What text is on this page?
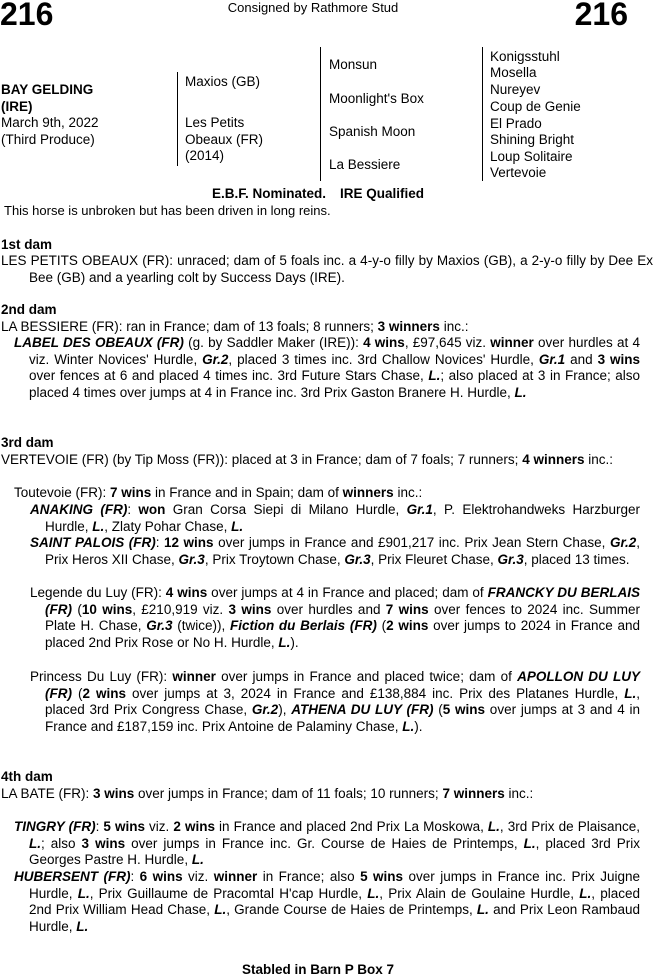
216	Consigned by Rathmore Stud	216
BAY GELDING
(IRE)
March 9th, 2022
(Third Produce)
Maxios (GB)
Les Petits
Obeaux (FR)
(2014)
Monsun
Moonlight's Box
Spanish Moon
La Bessiere
Konigsstuhl
Mosella
Nureyev
Coup de Genie
El Prado
Shining Bright
Loup Solitaire
Vertevoie
E.B.F. Nominated. IRE Qualified
This horse is unbroken but has been driven in long reins.
1st dam
LES PETITS OBEAUX (FR): unraced; dam of 5 foals inc. a 4-y-o filly by Maxios (GB), a 2-y-o filly by Dee Ex Bee (GB) and a yearling colt by Success Days (IRE).
2nd dam
LA BESSIERE (FR): ran in France; dam of 13 foals; 8 runners; 3 winners inc.:
LABEL DES OBEAUX (FR) (g. by Saddler Maker (IRE)): 4 wins, £97,645 viz. winner over hurdles at 4 viz. Winter Novices' Hurdle, Gr.2, placed 3 times inc. 3rd Challow Novices' Hurdle, Gr.1 and 3 wins over fences at 6 and placed 4 times inc. 3rd Future Stars Chase, L.; also placed at 3 in France; also placed 4 times over jumps at 4 in France inc. 3rd Prix Gaston Branere H. Hurdle, L.
3rd dam
VERTEVOIE (FR) (by Tip Moss (FR)): placed at 3 in France; dam of 7 foals; 7 runners; 4 winners inc.:
Toutevoie (FR): 7 wins in France and in Spain; dam of winners inc.:
ANAKING (FR): won Gran Corsa Siepi di Milano Hurdle, Gr.1, P. Elektrohandweks Harzburger Hurdle, L., Zlaty Pohar Chase, L.
SAINT PALOIS (FR): 12 wins over jumps in France and £901,217 inc. Prix Jean Stern Chase, Gr.2, Prix Heros XII Chase, Gr.3, Prix Troytown Chase, Gr.3, Prix Fleuret Chase, Gr.3, placed 13 times.
Legende du Luy (FR): 4 wins over jumps at 4 in France and placed; dam of FRANCKY DU BERLAIS (FR) (10 wins, £210,919 viz. 3 wins over hurdles and 7 wins over fences to 2024 inc. Summer Plate H. Chase, Gr.3 (twice)), Fiction du Berlais (FR) (2 wins over jumps to 2024 in France and placed 2nd Prix Rose or No H. Hurdle, L.).
Princess Du Luy (FR): winner over jumps in France and placed twice; dam of APOLLON DU LUY (FR) (2 wins over jumps at 3, 2024 in France and £138,884 inc. Prix des Platanes Hurdle, L., placed 3rd Prix Congress Chase, Gr.2), ATHENA DU LUY (FR) (5 wins over jumps at 3 and 4 in France and £187,159 inc. Prix Antoine de Palaminy Chase, L.).
4th dam
LA BATE (FR): 3 wins over jumps in France; dam of 11 foals; 10 runners; 7 winners inc.:
TINGRY (FR): 5 wins viz. 2 wins in France and placed 2nd Prix La Moskowa, L., 3rd Prix de Plaisance, L.; also 3 wins over jumps in France inc. Gr. Course de Haies de Printemps, L., placed 3rd Prix Georges Pastre H. Hurdle, L.
HUBERSENT (FR): 6 wins viz. winner in France; also 5 wins over jumps in France inc. Prix Juigne Hurdle, L., Prix Guillaume de Pracomtal H'cap Hurdle, L., Prix Alain de Goulaine Hurdle, L., placed 2nd Prix William Head Chase, L., Grande Course de Haies de Printemps, L. and Prix Leon Rambaud Hurdle, L.
Stabled in Barn P Box 7
